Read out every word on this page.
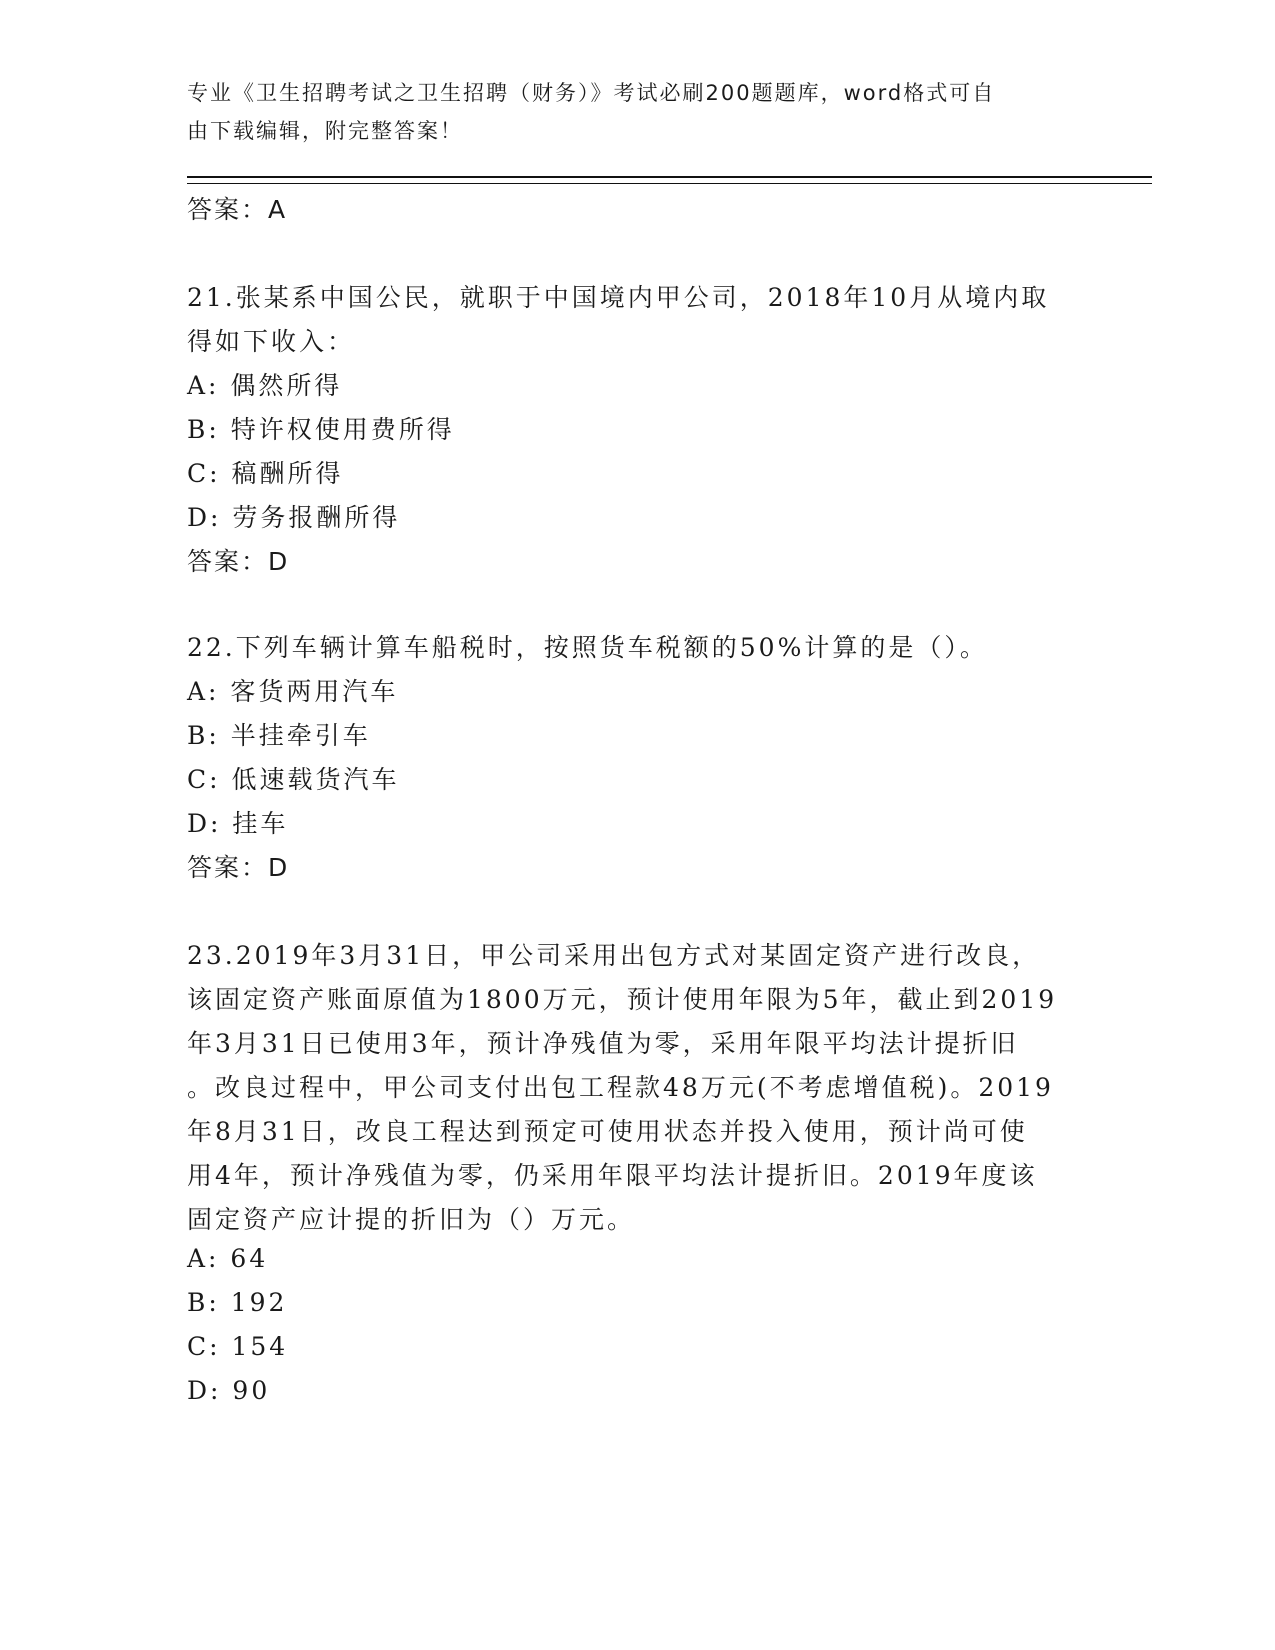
专业《卫生招聘考试之卫生招聘（财务）》考试必刷200题题库，word格式可自
由下载编辑，附完整答案！
答案：A
21.张某系中国公民，就职于中国境内甲公司，2018年10月从境内取
得如下收入：
A: 偶然所得
B: 特许权使用费所得
C: 稿酬所得
D: 劳务报酬所得
答案：D
22.下列车辆计算车船税时，按照货车税额的50%计算的是（）。
A: 客货两用汽车
B: 半挂牵引车
C: 低速载货汽车
D: 挂车
答案：D
23.2019年3月31日，甲公司采用出包方式对某固定资产进行改良，
该固定资产账面原值为1800万元，预计使用年限为5年，截止到2019
年3月31日已使用3年，预计净残值为零，采用年限平均法计提折旧
。改良过程中，甲公司支付出包工程款48万元(不考虑增值税)。2019
年8月31日，改良工程达到预定可使用状态并投入使用，预计尚可使
用4年，预计净残值为零，仍采用年限平均法计提折旧。2019年度该
固定资产应计提的折旧为（）万元。
A: 64
B: 192
C: 154
D: 90
